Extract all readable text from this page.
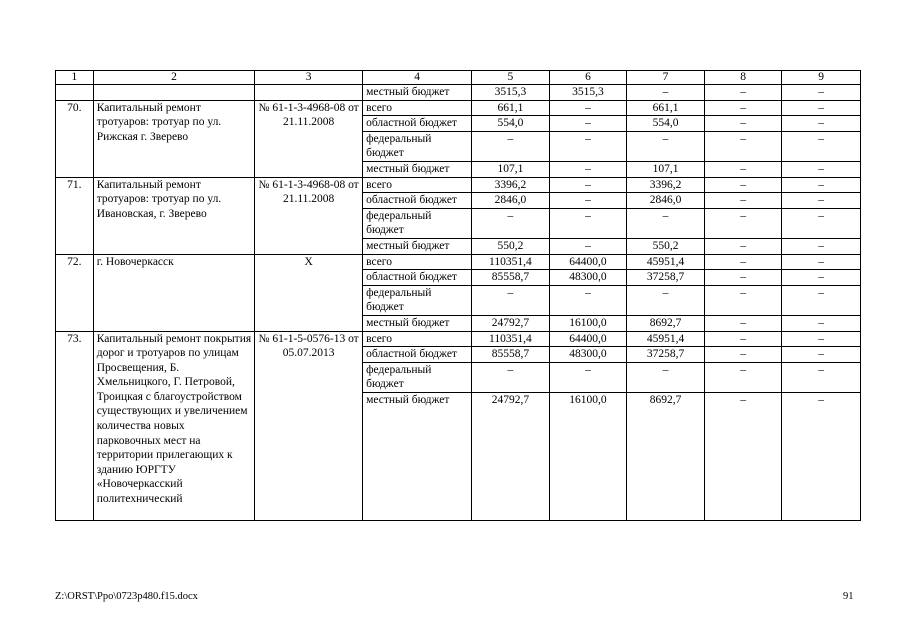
1	2	3	4	5	6	7	8	9
			местный бюджет	3515,3	3515,3	–	–	–
70.	Капитальный ремонт тротуаров: тротуар по ул. Рижская г. Зверево	№ 61-1-3-4968-08 от 21.11.2008	всего	661,1	–	661,1	–	–
			областной бюджет	554,0	–	554,0	–	–
			федеральный бюджет	–	–	–	–	–
			местный бюджет	107,1	–	107,1	–	–
71.	Капитальный ремонт тротуаров: тротуар по ул. Ивановская, г. Зверево	№ 61-1-3-4968-08 от 21.11.2008	всего	3396,2	–	3396,2	–	–
			областной бюджет	2846,0	–	2846,0	–	–
			федеральный бюджет	–	–	–	–	–
			местный бюджет	550,2	–	550,2	–	–
72.	г. Новочеркасск	Х	всего	110351,4	64400,0	45951,4	–	–
			областной бюджет	85558,7	48300,0	37258,7	–	–
			федеральный бюджет	–	–	–	–	–
			местный бюджет	24792,7	16100,0	8692,7	–	–
73.	Капитальный ремонт покрытия дорог и тротуаров по улицам Просвещения, Б. Хмельницкого, Г. Петровой, Троицкая с благоустройством существующих и увеличением количества новых парковочных мест на территории прилегающих к зданию ЮРГТУ «Новочеркасский политехнический	№ 61-1-5-0576-13 от 05.07.2013	всего	110351,4	64400,0	45951,4	–	–
			областной бюджет	85558,7	48300,0	37258,7	–	–
			федеральный бюджет	–	–	–	–	–
			местный бюджет	24792,7	16100,0	8692,7	–	–
Z:\ORST\Ppo\0723p480.f15.docx	91
